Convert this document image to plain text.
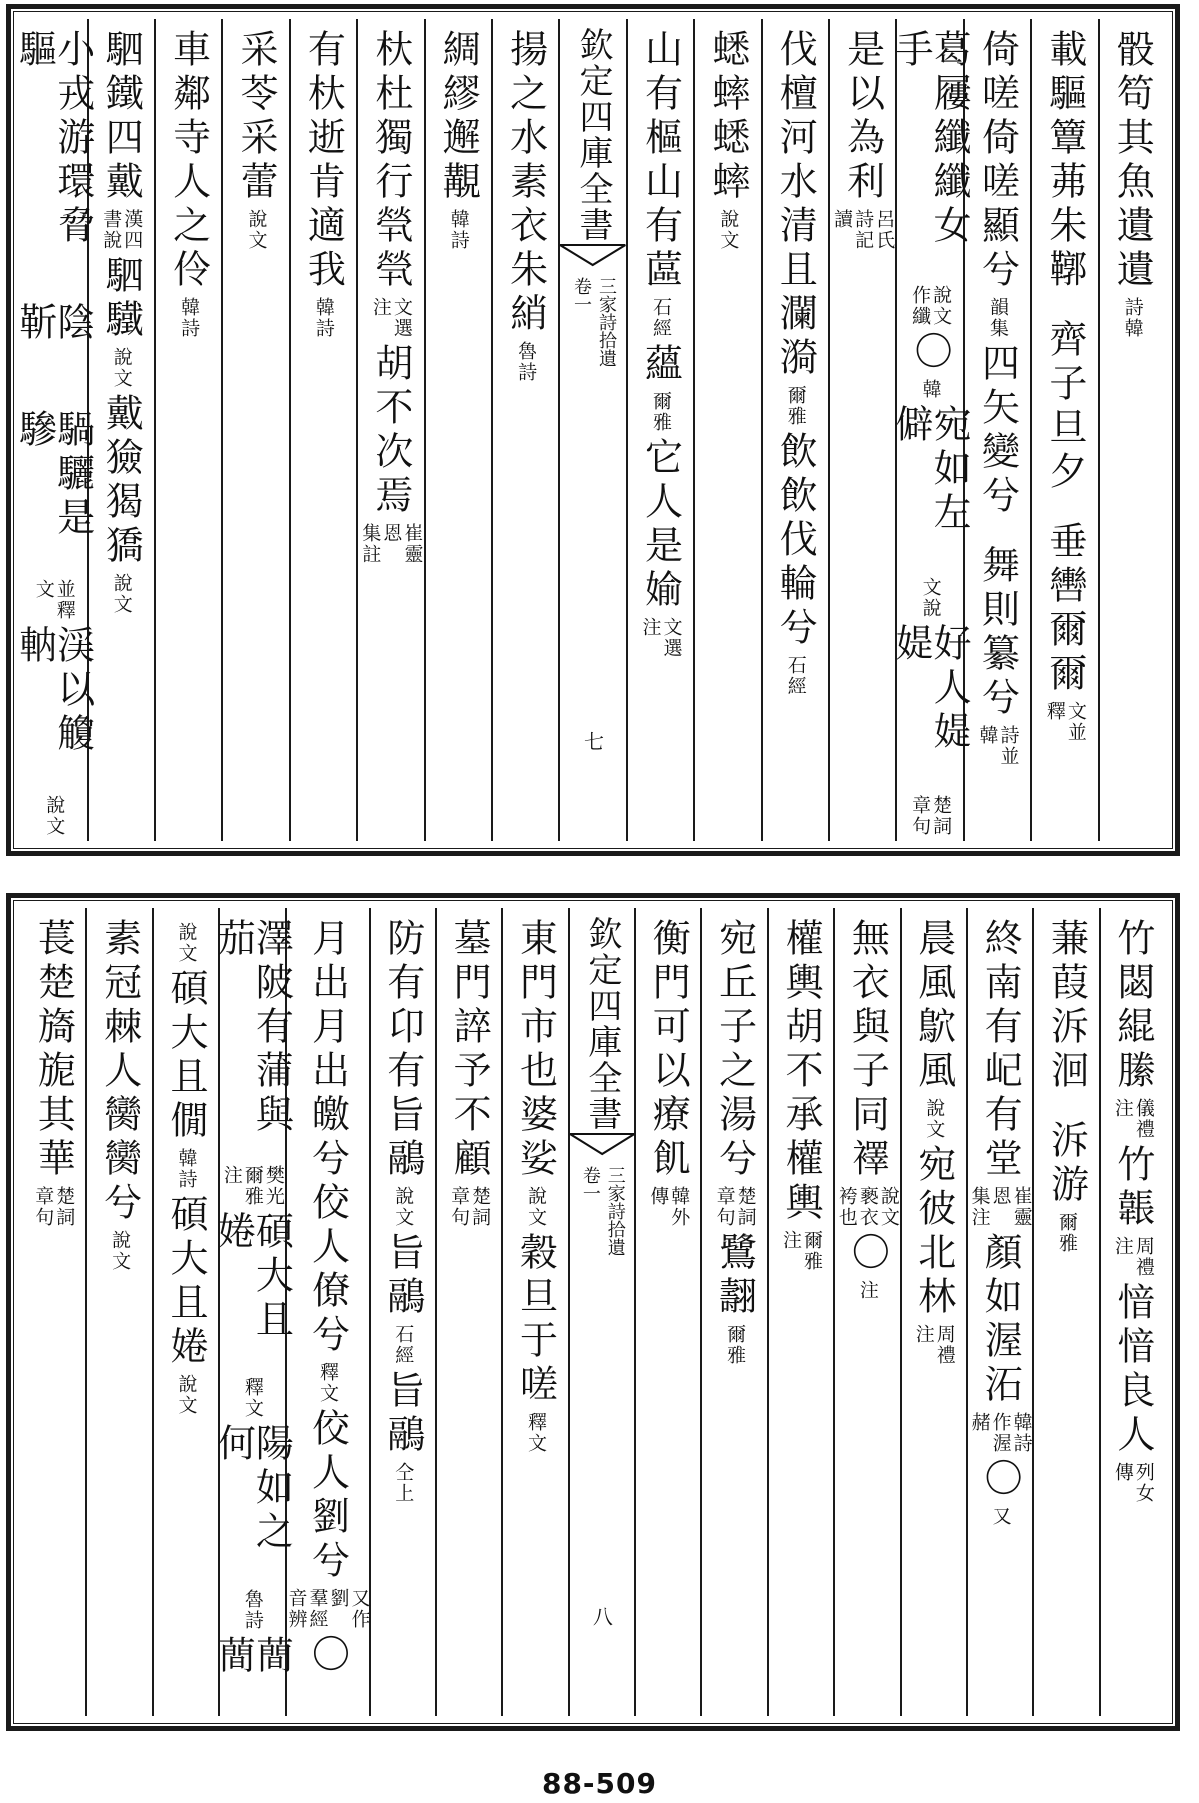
骰笱其魚遺遺
詩韓
載驅簟茀朱鞹
齊子旦夕
垂轡爾爾
文並
釋
倚嗟倚嗟顯兮
韻集
四矢變兮
舞則纂兮
詩並
韓
葛屨纖纖女手
說文
作纖
〇
韓
宛如左僻
文說
好人媞媞
楚詞
章句
是以為利
呂氏
詩記
讀
伐檀河水清且瀾漪
爾雅
飲飲伐輪兮
石經
蟋蟀蟋蟀
說文
山有樞山有蓲
石經
蘊
爾雅
它人是媮
文選
注
欽定四庫全書
三家詩拾遺
卷一
七
揚之水素衣朱綃
魯詩
綢繆邂覯
韓詩
杕杜獨行煢煢
文選
注
胡不次焉
崔靈
恩
集註
有杕逝肯適我
韓詩
采苓采蕾
說文
車鄰寺人之伶
韓詩
駟鐵四戴
漢四
書說
駟驖
說文
戴獫猲獢
說文
小戎游環脅驅
陰靳
騧驪是驂
並釋
文
渓以觼軜
說文
竹閟緄縢
儀禮
注
竹韔
周禮
注
愔愔良人
列女
傳
蒹葭泝洄
泝游
爾雅
終南有屺有堂
崔靈
恩
集注
顏如渥沰
韓詩
作渥
赭
〇
又
晨風鴥風
說文
宛彼北林
周禮
注
無衣與子同襗
說文
褻衣
袴也
〇
注
權輿胡不承權輿
爾雅
注
宛丘子之湯兮
楚詞
章句
鷺翿
爾雅
衡門可以療飢
韓外
傳
欽定四庫全書
三家詩拾遺
卷一
八
東門市也婆娑
說文
穀旦于嗟
釋文
墓門誶予不顧
楚詞
章句
防有卬有旨鷊
說文
旨鷊
石經
旨鷊
仝上
月出月出皦兮佼人僚兮
釋文
佼人劉兮
又作
劉
羣經
音辨
〇
澤陂有蒲與茄
樊光
爾雅
注
碩大且婘
釋文
陽如之何
魯詩
蕳蕳
說文
碩大且僩
韓詩
碩大且婘
說文
素冠棘人臠臠兮
說文
萇楚旖旎其華
楚詞
章句
88-509
